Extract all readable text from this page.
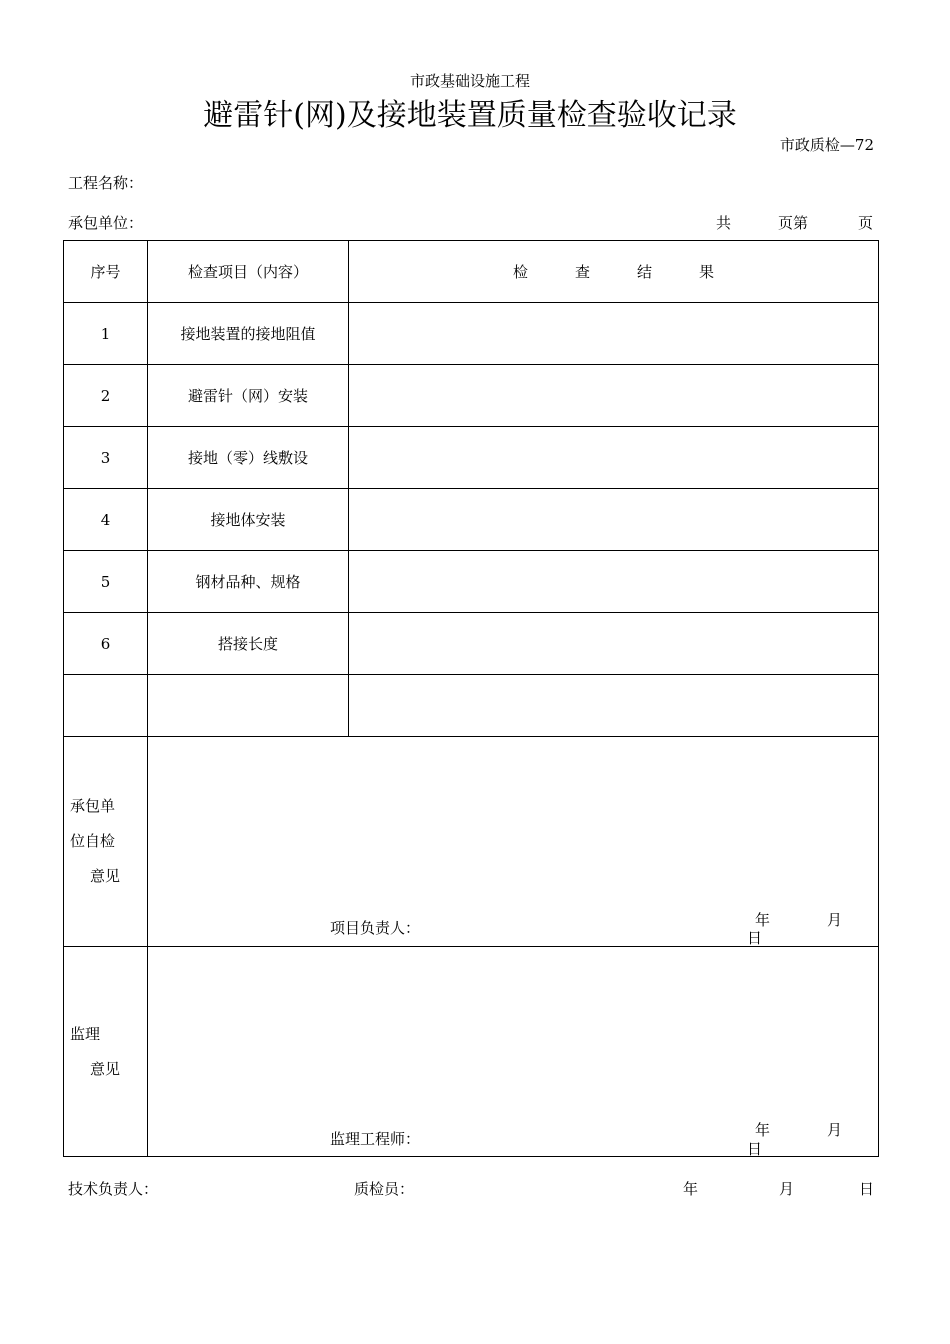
市政基础设施工程
避雷针(网)及接地装置质量检查验收记录
市政质检—72
工程名称：
承包单位：	共	页第	页
序号	检查项目（内容）	检 查 结 果
1	接地装置的接地阻值	
2	避雷针（网）安装	
3	接地（零）线敷设	
4	接地体安装	
5	钢材品种、规格	
6	搭接长度	

承包单
位自检
意见	项目负责人： 年 月
日	

监理
意见	监理工程师： 年 月
日	
技术负责人：	质检员：	年	月	日
